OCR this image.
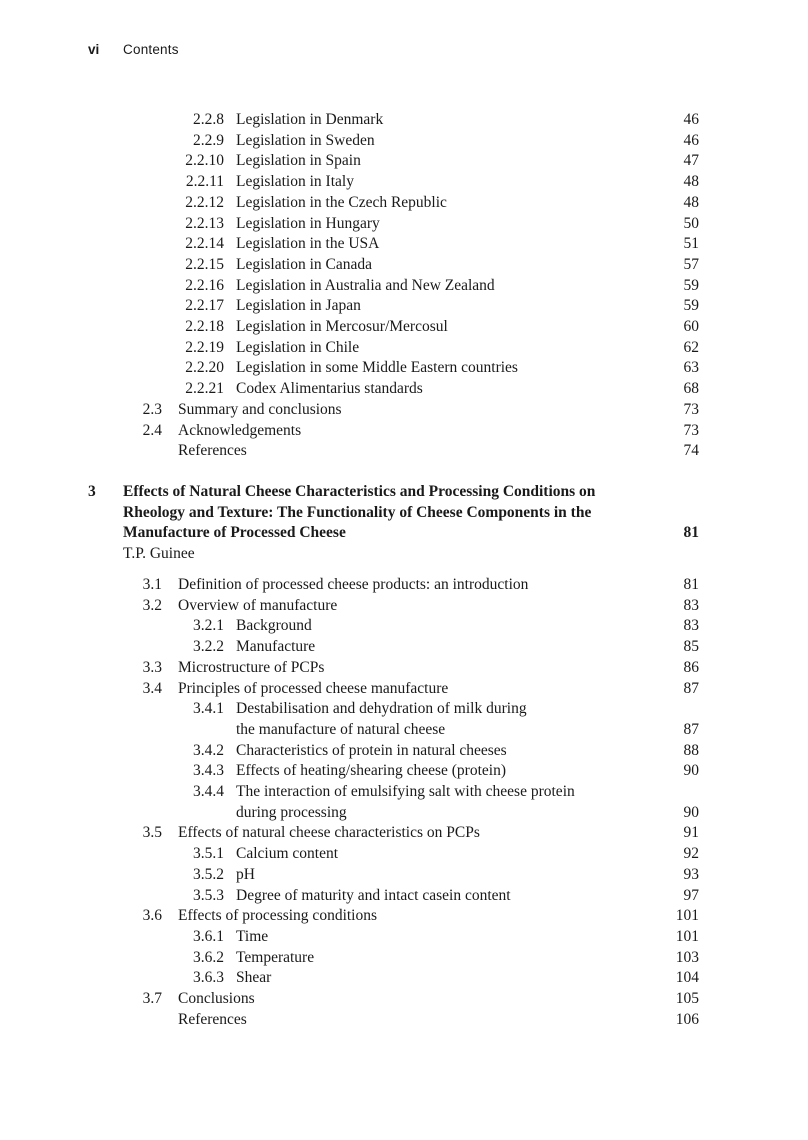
vi Contents
3	Effects of Natural Cheese Characteristics and Processing Conditions on
Rheology and Texture: The Functionality of Cheese Components in the
Manufacture of Processed Cheese	81
T.P. Guinee
2.2.8 Legislation in Denmark	46
2.2.9 Legislation in Sweden	46
2.2.10 Legislation in Spain	47
2.2.11 Legislation in Italy	48
2.2.12 Legislation in the Czech Republic	48
2.2.13 Legislation in Hungary	50
2.2.14 Legislation in the USA	51
2.2.15 Legislation in Canada	57
2.2.16 Legislation in Australia and New Zealand	59
2.2.17 Legislation in Japan	59
2.2.18 Legislation in Mercosur/Mercosul	60
2.2.19 Legislation in Chile	62
2.2.20 Legislation in some Middle Eastern countries	63
2.2.21 Codex Alimentarius standards	68
2.3 Summary and conclusions	73
2.4 Acknowledgements	73
References	74
3.1 Definition of processed cheese products: an introduction	81
3.2 Overview of manufacture	83
3.2.1 Background	83
3.2.2 Manufacture	85
3.3 Microstructure of PCPs	86
3.4 Principles of processed cheese manufacture	87
3.4.1 Destabilisation and dehydration of milk during
the manufacture of natural cheese	87
3.4.2 Characteristics of protein in natural cheeses	88
3.4.3 Effects of heating/shearing cheese (protein)	90
3.4.4 The interaction of emulsifying salt with cheese protein
during processing	90
3.5 Effects of natural cheese characteristics on PCPs	91
3.5.1 Calcium content	92
3.5.2 pH	93
3.5.3 Degree of maturity and intact casein content	97
3.6 Effects of processing conditions	101
3.6.1 Time	101
3.6.2 Temperature	103
3.6.3 Shear	104
3.7 Conclusions	105
References	106
